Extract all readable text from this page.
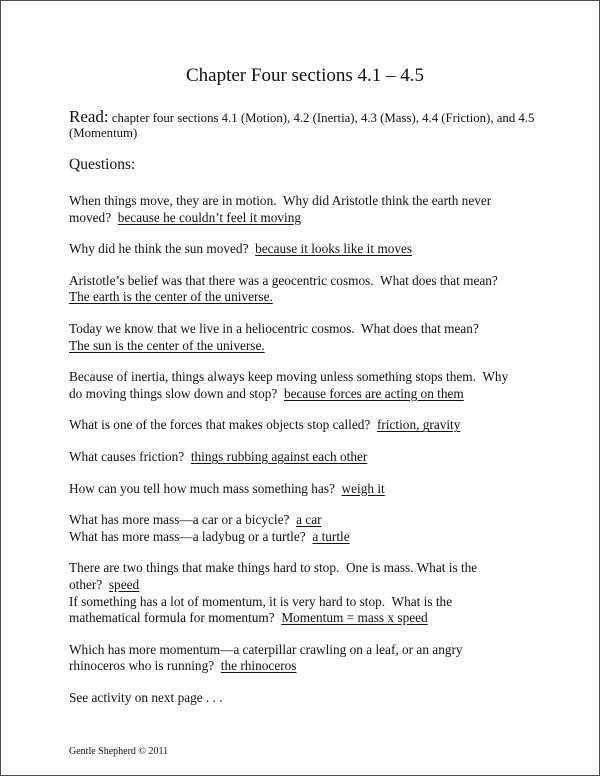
Chapter Four sections 4.1 – 4.5

Read: chapter four sections 4.1 (Motion), 4.2 (Inertia), 4.3 (Mass), 4.4 (Friction), and 4.5
(Momentum)

Questions:

When things move, they are in motion.  Why did Aristotle think the earth never
moved?  because he couldn’t feel it moving

Why did he think the sun moved?  because it looks like it moves

Aristotle’s belief was that there was a geocentric cosmos.  What does that mean?
The earth is the center of the universe.

Today we know that we live in a heliocentric cosmos.  What does that mean?
The sun is the center of the universe.

Because of inertia, things always keep moving unless something stops them.  Why
do moving things slow down and stop?  because forces are acting on them

What is one of the forces that makes objects stop called?  friction, gravity

What causes friction?  things rubbing against each other

How can you tell how much mass something has?  weigh it

What has more mass—a car or a bicycle?  a car
What has more mass—a ladybug or a turtle?  a turtle

There are two things that make things hard to stop.  One is mass. What is the
other?  speed
If something has a lot of momentum, it is very hard to stop.  What is the
mathematical formula for momentum?  Momentum = mass x speed

Which has more momentum—a caterpillar crawling on a leaf, or an angry
rhinoceros who is running?  the rhinoceros

See activity on next page . . .

Gentle Shepherd © 2011
